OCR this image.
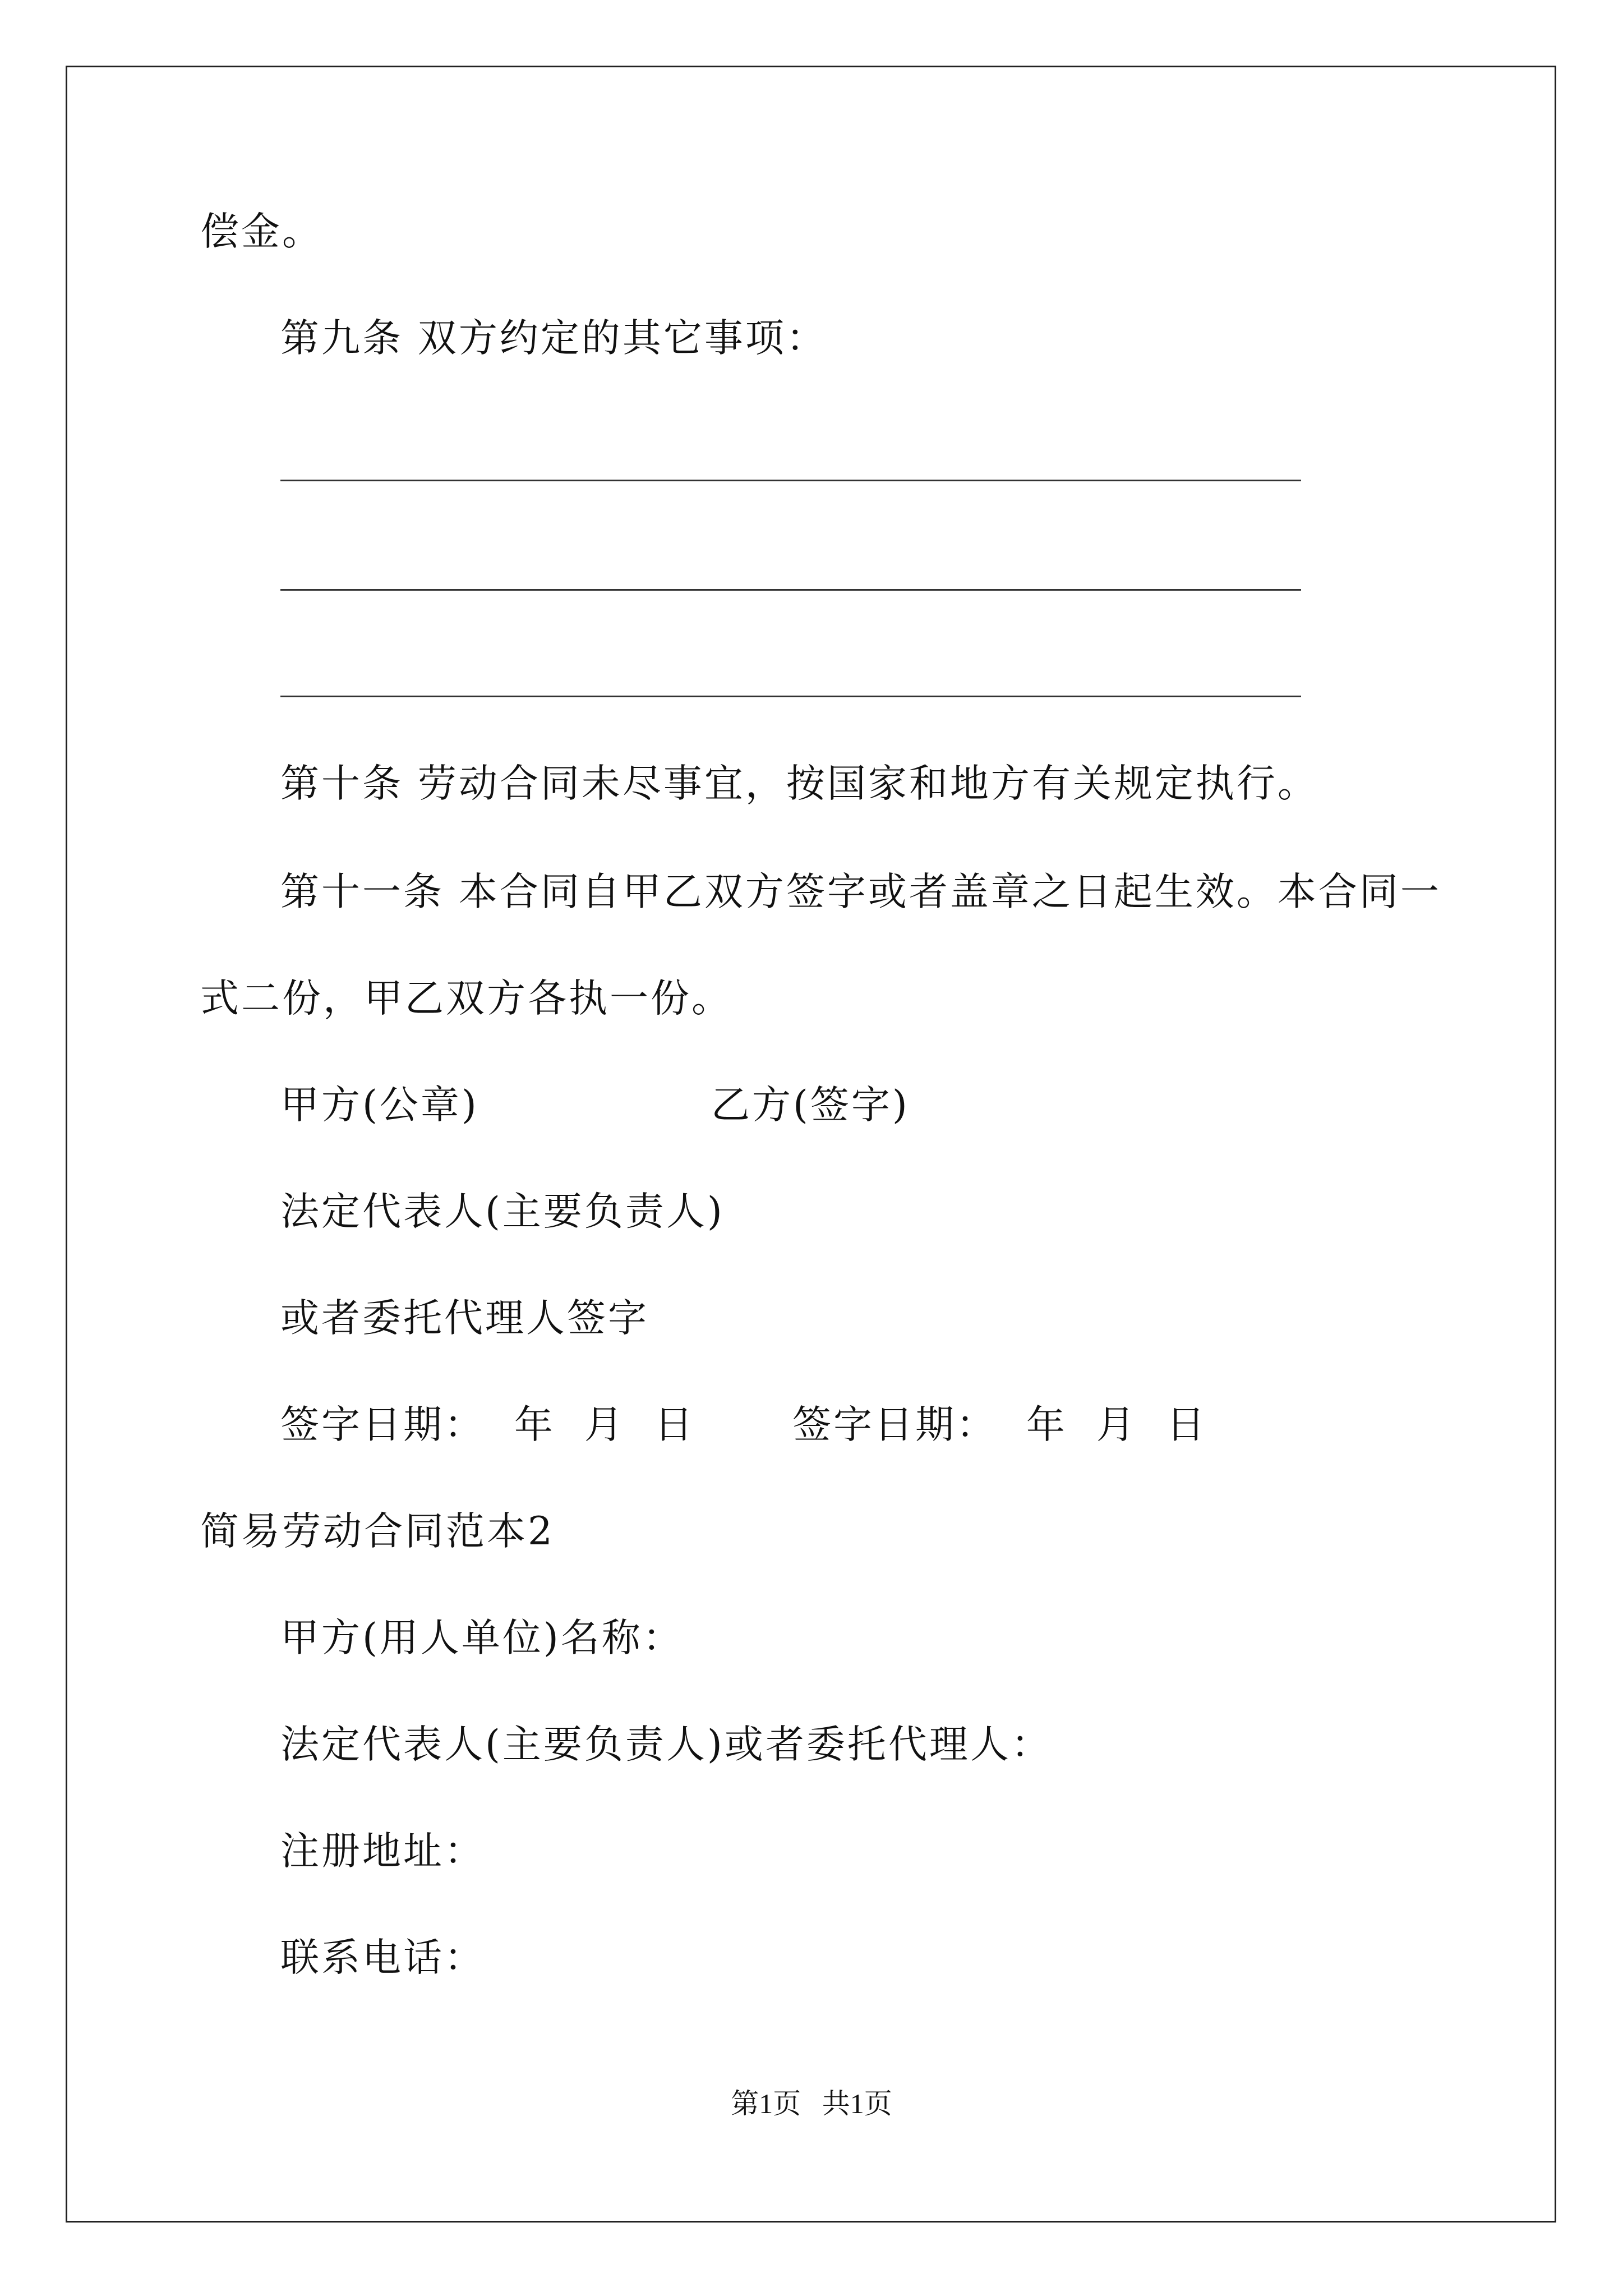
偿金。
第九条 双方约定的其它事项：
第十条 劳动合同未尽事宜，按国家和地方有关规定执行。
第十一条 本合同自甲乙双方签字或者盖章之日起生效。本合同一
式二份，甲乙双方各执一份。
甲方(公章)	乙方(签字)
法定代表人(主要负责人)
或者委托代理人签字
签字日期：  年  月  日	签字日期：  年  月  日
简易劳动合同范本2
甲方(用人单位)名称：
法定代表人(主要负责人)或者委托代理人：
注册地址：
联系电话：
第1页   共1页
